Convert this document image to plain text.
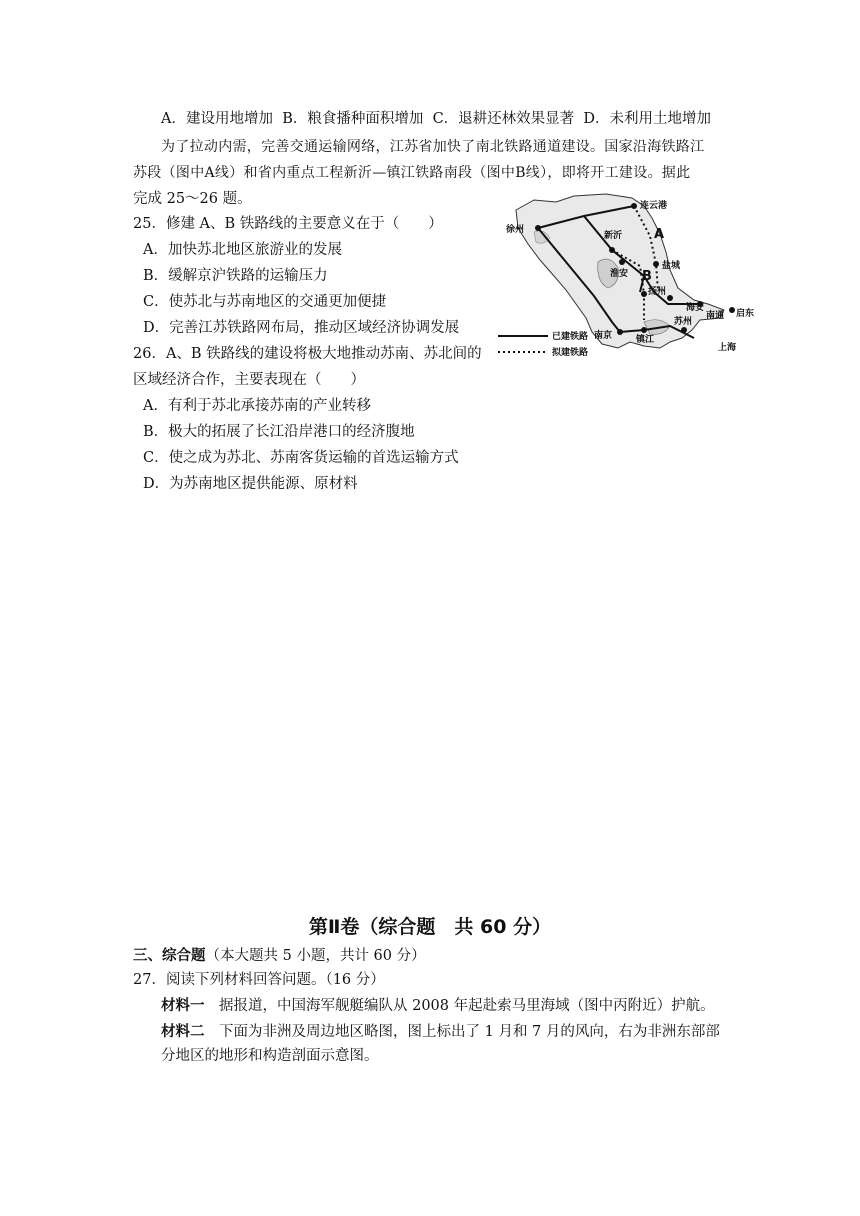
A．建设用地增加 B．粮食播种面积增加 C．退耕还林效果显著 D．未利用土地增加
为了拉动内需，完善交通运输网络，江苏省加快了南北铁路通道建设。国家沿海铁路江
苏段（图中A线）和省内重点工程新沂—镇江铁路南段（图中B线），即将开工建设。据此
完成 25～26 题。
25．修建 A、B 铁路线的主要意义在于（　　）
A．加快苏北地区旅游业的发展
B．缓解京沪铁路的运输压力
C．使苏北与苏南地区的交通更加便捷
D．完善江苏铁路网布局，推动区域经济协调发展
26．A、B 铁路线的建设将极大地推动苏南、苏北间的
区域经济合作，主要表现在（　　）
A．有利于苏北承接苏南的产业转移
B．极大的拓展了长江沿岸港口的经济腹地
C．使之成为苏北、苏南客货运输的首选运输方式
D．为苏南地区提供能源、原材料
连云港
徐州
新沂
淮安
盐城
扬州
海安
南通 启东
南京	镇江
苏州
上海
A
B
已建铁路
拟建铁路
第Ⅱ卷（综合题　共 60 分）
三、综合题（本大题共 5 小题，共计 60 分）
27．阅读下列材料回答问题。（16 分）
材料一　据报道，中国海军舰艇编队从 2008 年起赴索马里海域（图中丙附近）护航。
材料二　下面为非洲及周边地区略图，图上标出了 1 月和 7 月的风向，右为非洲东部部
分地区的地形和构造剖面示意图。
